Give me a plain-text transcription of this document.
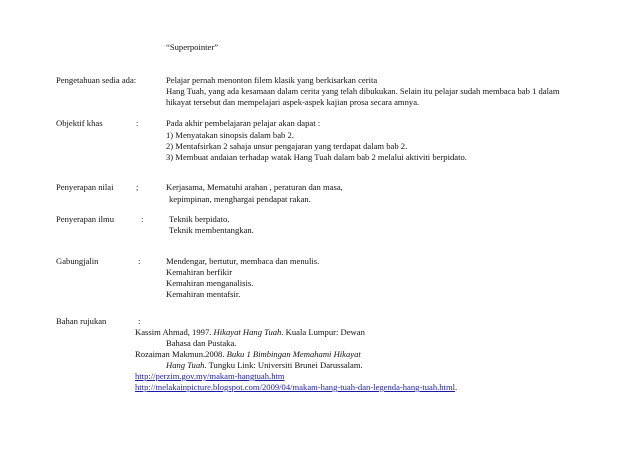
“Superpointer”
Pengetahuan sedia ada:	Pelajar pernah menonton filem klasik yang berkisarkan cerita
Hang Tuah, yang ada kesamaan dalam cerita yang telah dibukukan. Selain itu pelajar sudah membaca bab 1 dalam
hikayat tersebut dan mempelajari aspek-aspek kajian prosa secara amnya.
Objektif khas	:	Pada akhir pembelajaran pelajar akan dapat :
1) Menyatakan sinopsis dalam bab 2.
2) Mentafsirkan 2 sahaja unsur pengajaran yang terdapat dalam bab 2.
3) Membuat andaian terhadap watak Hang Tuah dalam bab 2 melalui aktiviti berpidato.
Penyerapan nilai	;	Kerjasama, Mematuhi arahan , peraturan dan masa,
kepimpinan, menghargai pendapat rakan.
Penyerapan ilmu	:	Teknik berpidato.
Teknik membentangkan.
Gabungjalin	:	Mendengar, bertutur, membaca dan menulis.
Kemahiran berfikir
Kemahiran menganalisis.
Kemahiran mentafsir.
Bahan rujukan	:
Kassim Ahmad, 1997. Hikayat Hang Tuah. Kuala Lumpur: Dewan
Bahasa dan Pustaka.
Rozaiman Makmun.2008. Buku 1 Bimbingan Memahami Hikayat
Hang Tuah. Tungku Link: Universiti Brunei Darussalam.
http://perzim.gov.my/makam-hangtuah.htm
http://melakainpicture.blogspot.com/2009/04/makam-hang-tuah-dan-legenda-hang-tuah.html.
